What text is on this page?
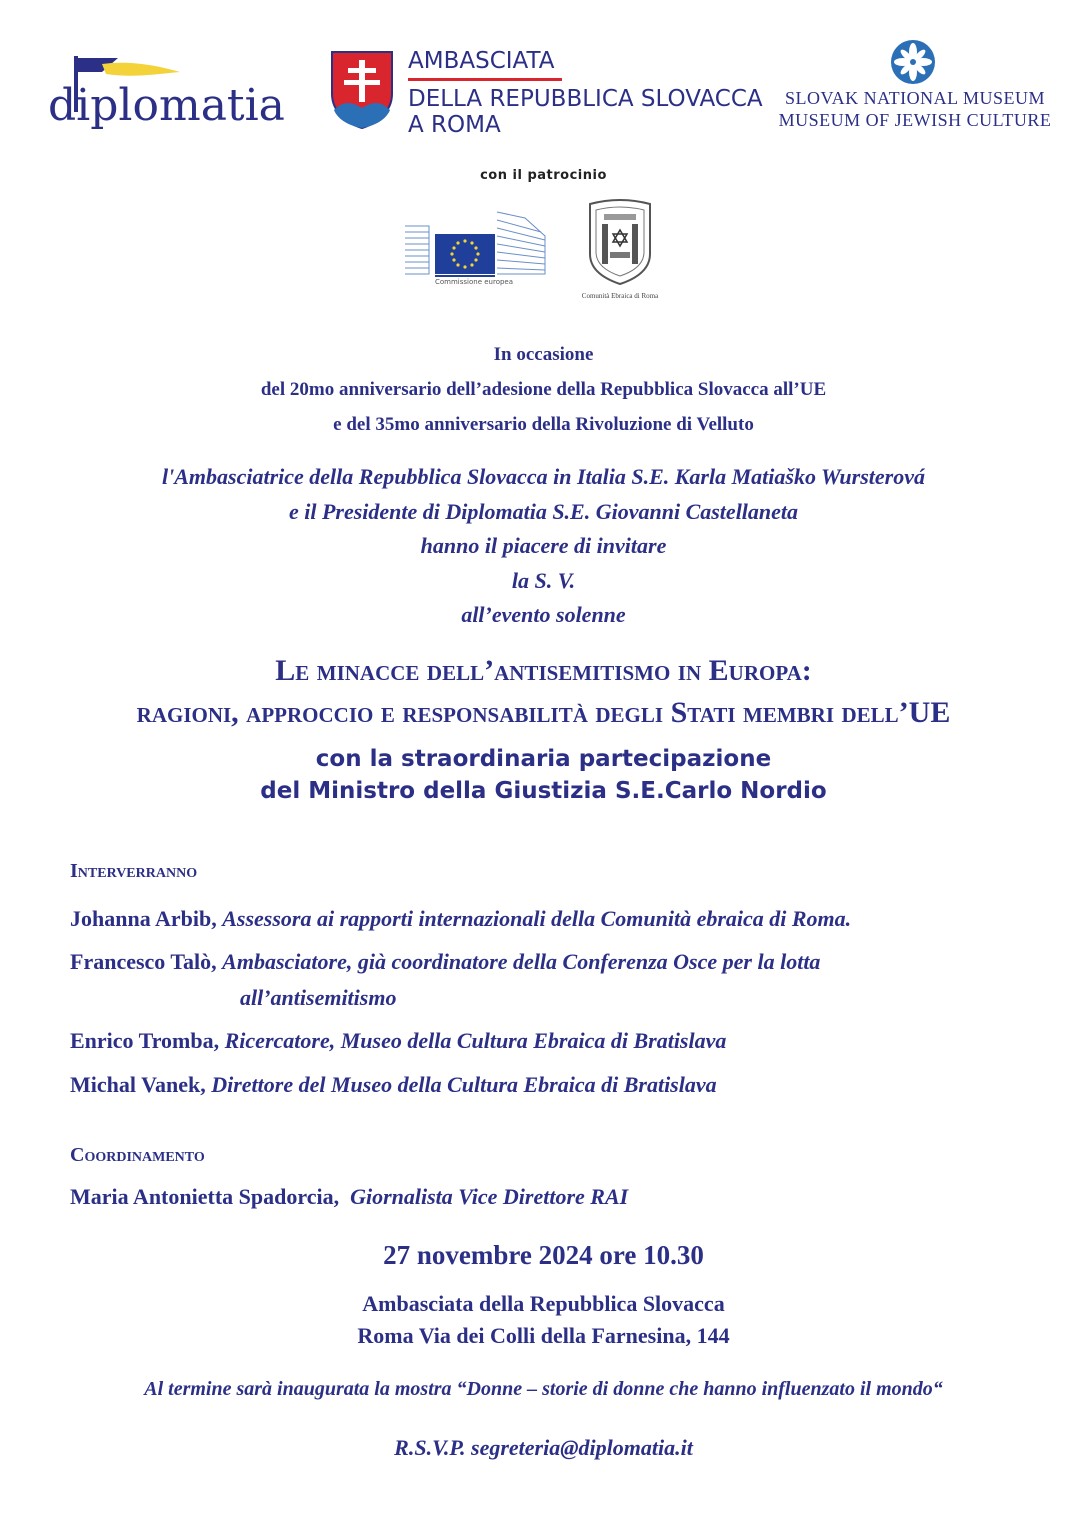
diplomatia
AMBASCIATA
DELLA REPUBBLICA SLOVACCA
A ROMA
SLOVAK NATIONAL MUSEUM
MUSEUM OF JEWISH CULTURE
con il patrocinio
Commissione europea
Comunità Ebraica di Roma
In occasione
del 20mo anniversario dell’adesione della Repubblica Slovacca all’UE
e del 35mo anniversario della Rivoluzione di Velluto
l'Ambasciatrice della Repubblica Slovacca in Italia S.E. Karla Matiaško Wursterová
e il Presidente di Diplomatia S.E. Giovanni Castellaneta
hanno il piacere di invitare
la S. V.
all’evento solenne
Le minacce dell’antisemitismo in Europa:
ragioni, approccio e responsabilità degli Stati membri dell’UE
con la straordinaria partecipazione
del Ministro della Giustizia S.E.Carlo Nordio
Interverranno
Johanna Arbib, Assessora ai rapporti internazionali della Comunità ebraica di Roma.
Francesco Talò, Ambasciatore, già coordinatore della Conferenza Osce per la lotta
all’antisemitismo
Enrico Tromba, Ricercatore, Museo della Cultura Ebraica di Bratislava
Michal Vanek, Direttore del Museo della Cultura Ebraica di Bratislava
Coordinamento
Maria Antonietta Spadorcia, Giornalista Vice Direttore RAI
27 novembre 2024 ore 10.30
Ambasciata della Repubblica Slovacca
Roma Via dei Colli della Farnesina, 144
Al termine sarà inaugurata la mostra “Donne – storie di donne che hanno influenzato il mondo“
R.S.V.P. segreteria@diplomatia.it
